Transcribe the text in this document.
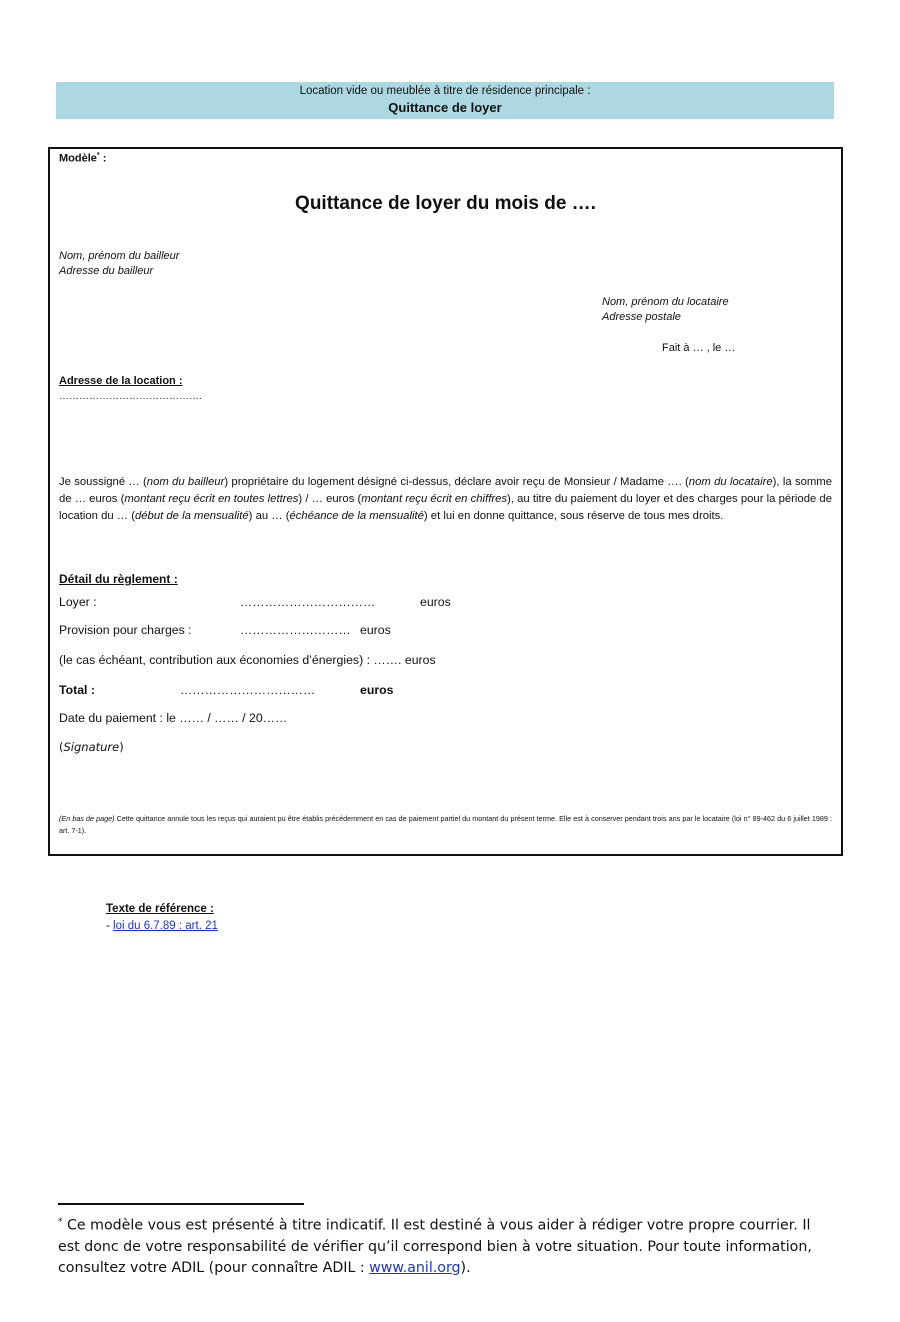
Location vide ou meublée à titre de résidence principale :
Quittance de loyer
Modèle* :
Quittance de loyer du mois de ….
Nom, prénom du bailleur
Adresse du bailleur
Nom, prénom du locataire
Adresse postale
Fait à … , le …
Adresse de la location :
…………………………………….
Je soussigné … (nom du bailleur) propriétaire du logement désigné ci-dessus, déclare avoir reçu de Monsieur / Madame …. (nom du locataire), la somme de … euros (montant reçu écrit en toutes lettres) / … euros (montant reçu écrit en chiffres), au titre du paiement du loyer et des charges pour la période de location du … (début de la mensualité) au … (échéance de la mensualité) et lui en donne quittance, sous réserve de tous mes droits.
Détail du règlement :
Loyer :	……………………………	euros
Provision pour charges :	……………………… euros
(le cas échéant, contribution aux économies d’énergies) : ……. euros
Total :	……………………………	euros
Date du paiement : le …… / …… / 20……
(Signature)
(En bas de page) Cette quittance annule tous les reçus qui auraient pu être établis précédemment en cas de paiement partiel du montant du présent terme. Elle est à conserver pendant trois ans par le locataire (loi n° 89-462 du 6 juillet 1989 : art. 7-1).
Texte de référence :
- loi du 6.7.89 : art. 21
* Ce modèle vous est présenté à titre indicatif. Il est destiné à vous aider à rédiger votre propre courrier. Il est donc de votre responsabilité de vérifier qu’il correspond bien à votre situation. Pour toute information, consultez votre ADIL (pour connaître ADIL : www.anil.org).
